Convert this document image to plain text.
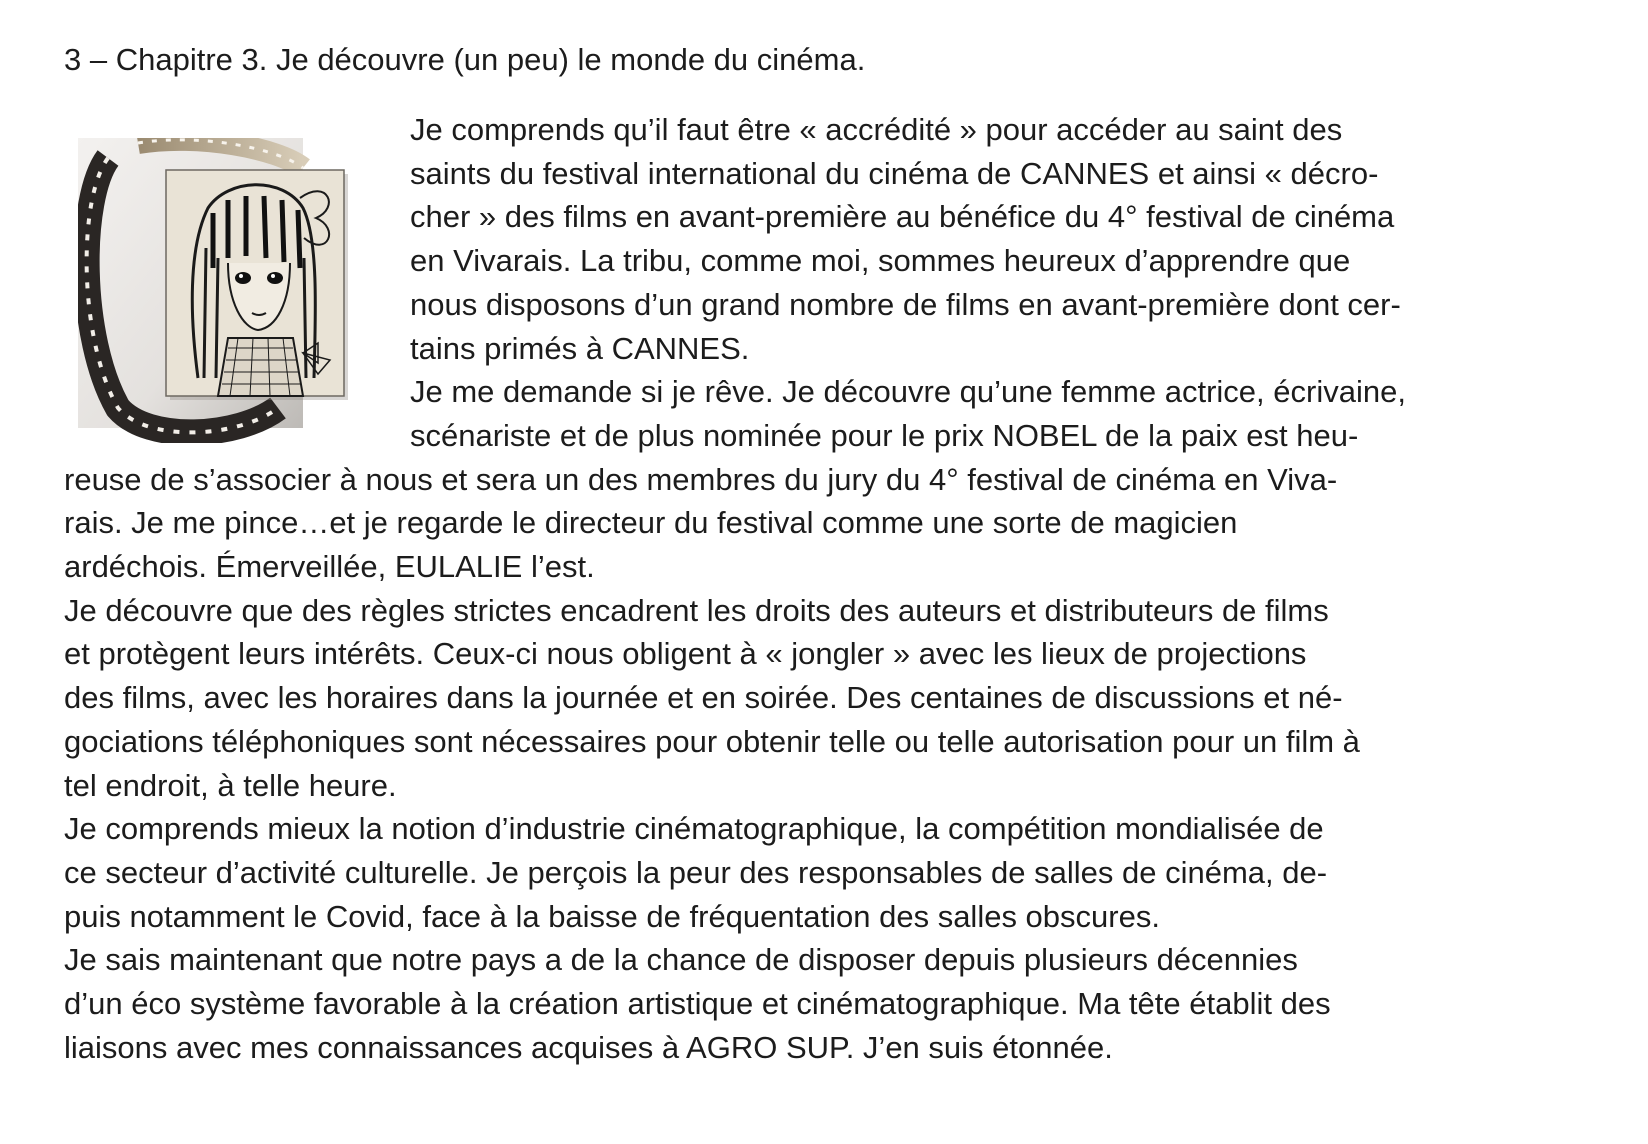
3 – Chapitre 3. Je découvre (un peu) le monde du cinéma.
Je comprends qu’il faut être « accrédité » pour accéder au saint des
saints du festival international du cinéma de CANNES et ainsi « décro-
cher » des films en avant-première au bénéfice du 4° festival de cinéma
en Vivarais. La tribu, comme moi, sommes heureux d’apprendre que
nous disposons d’un grand nombre de films en avant-première dont cer-
tains primés à CANNES.
Je me demande si je rêve. Je découvre qu’une femme actrice, écrivaine,
scénariste et de plus nominée pour le prix NOBEL de la paix est heu-
reuse de s’associer à nous et sera un des membres du jury du 4° festival de cinéma en Viva-
rais. Je me pince…et je regarde le directeur du festival comme une sorte de magicien
ardéchois. Émerveillée, EULALIE l’est.
Je découvre que des règles strictes encadrent les droits des auteurs et distributeurs de films
et protègent leurs intérêts. Ceux-ci nous obligent à « jongler » avec les lieux de projections
des films, avec les horaires dans la journée et en soirée. Des centaines de discussions et né-
gociations téléphoniques sont nécessaires pour obtenir telle ou telle autorisation pour un film à
tel endroit, à telle heure.
Je comprends mieux la notion d’industrie cinématographique, la compétition mondialisée de
ce secteur d’activité culturelle. Je perçois la peur des responsables de salles de cinéma, de-
puis notamment le Covid, face à la baisse de fréquentation des salles obscures.
Je sais maintenant que notre pays a de la chance de disposer depuis plusieurs décennies
d’un éco système favorable à la création artistique et cinématographique. Ma tête établit des
liaisons avec mes connaissances acquises à AGRO SUP. J’en suis étonnée.
